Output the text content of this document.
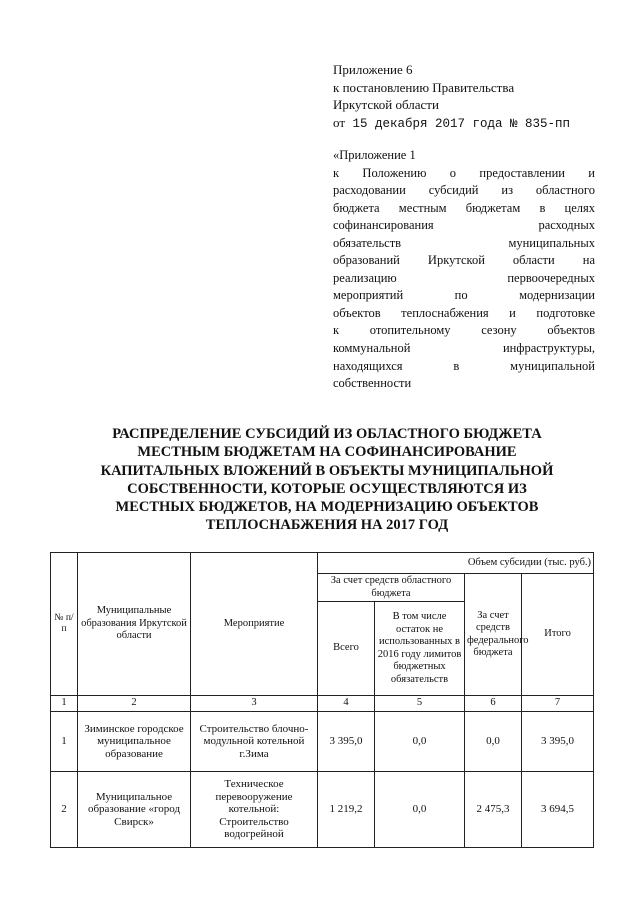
Приложение 6
к постановлению Правительства
Иркутской области
от 15 декабря 2017 года № 835-пп
«Приложение 1
к Положению о предоставлении и
расходовании субсидий из областного
бюджета местным бюджетам в целях
софинансирования расходных
обязательств муниципальных
образований Иркутской области на
реализацию первоочередных
мероприятий по модернизации
объектов теплоснабжения и подготовке
к отопительному сезону объектов
коммунальной инфраструктуры,
находящихся в муниципальной
собственности
РАСПРЕДЕЛЕНИЕ СУБСИДИЙ ИЗ ОБЛАСТНОГО БЮДЖЕТА
МЕСТНЫМ БЮДЖЕТАМ НА СОФИНАНСИРОВАНИЕ
КАПИТАЛЬНЫХ ВЛОЖЕНИЙ В ОБЪЕКТЫ МУНИЦИПАЛЬНОЙ
СОБСТВЕННОСТИ, КОТОРЫЕ ОСУЩЕСТВЛЯЮТСЯ ИЗ
МЕСТНЫХ БЮДЖЕТОВ, НА МОДЕРНИЗАЦИЮ ОБЪЕКТОВ
ТЕПЛОСНАБЖЕНИЯ НА 2017 ГОД
№ п/п	Муниципальные образования Иркутской области	Мероприятие	Объем субсидии (тыс. руб.)			
			За счет средств областного бюджета		За счет средств федерального бюджета	Итого
			Всего	В том числе остаток не использованных в 2016 году лимитов бюджетных обязательств		
1	2	3	4	5	6	7
1	Зиминское городское муниципальное образование	Строительство блочно-модульной котельной г.Зима	3 395,0	0,0	0,0	3 395,0
2	Муниципальное образование «город Свирск»	Техническое перевооружение котельной: Строительство водогрейной	1 219,2	0,0	2 475,3	3 694,5
